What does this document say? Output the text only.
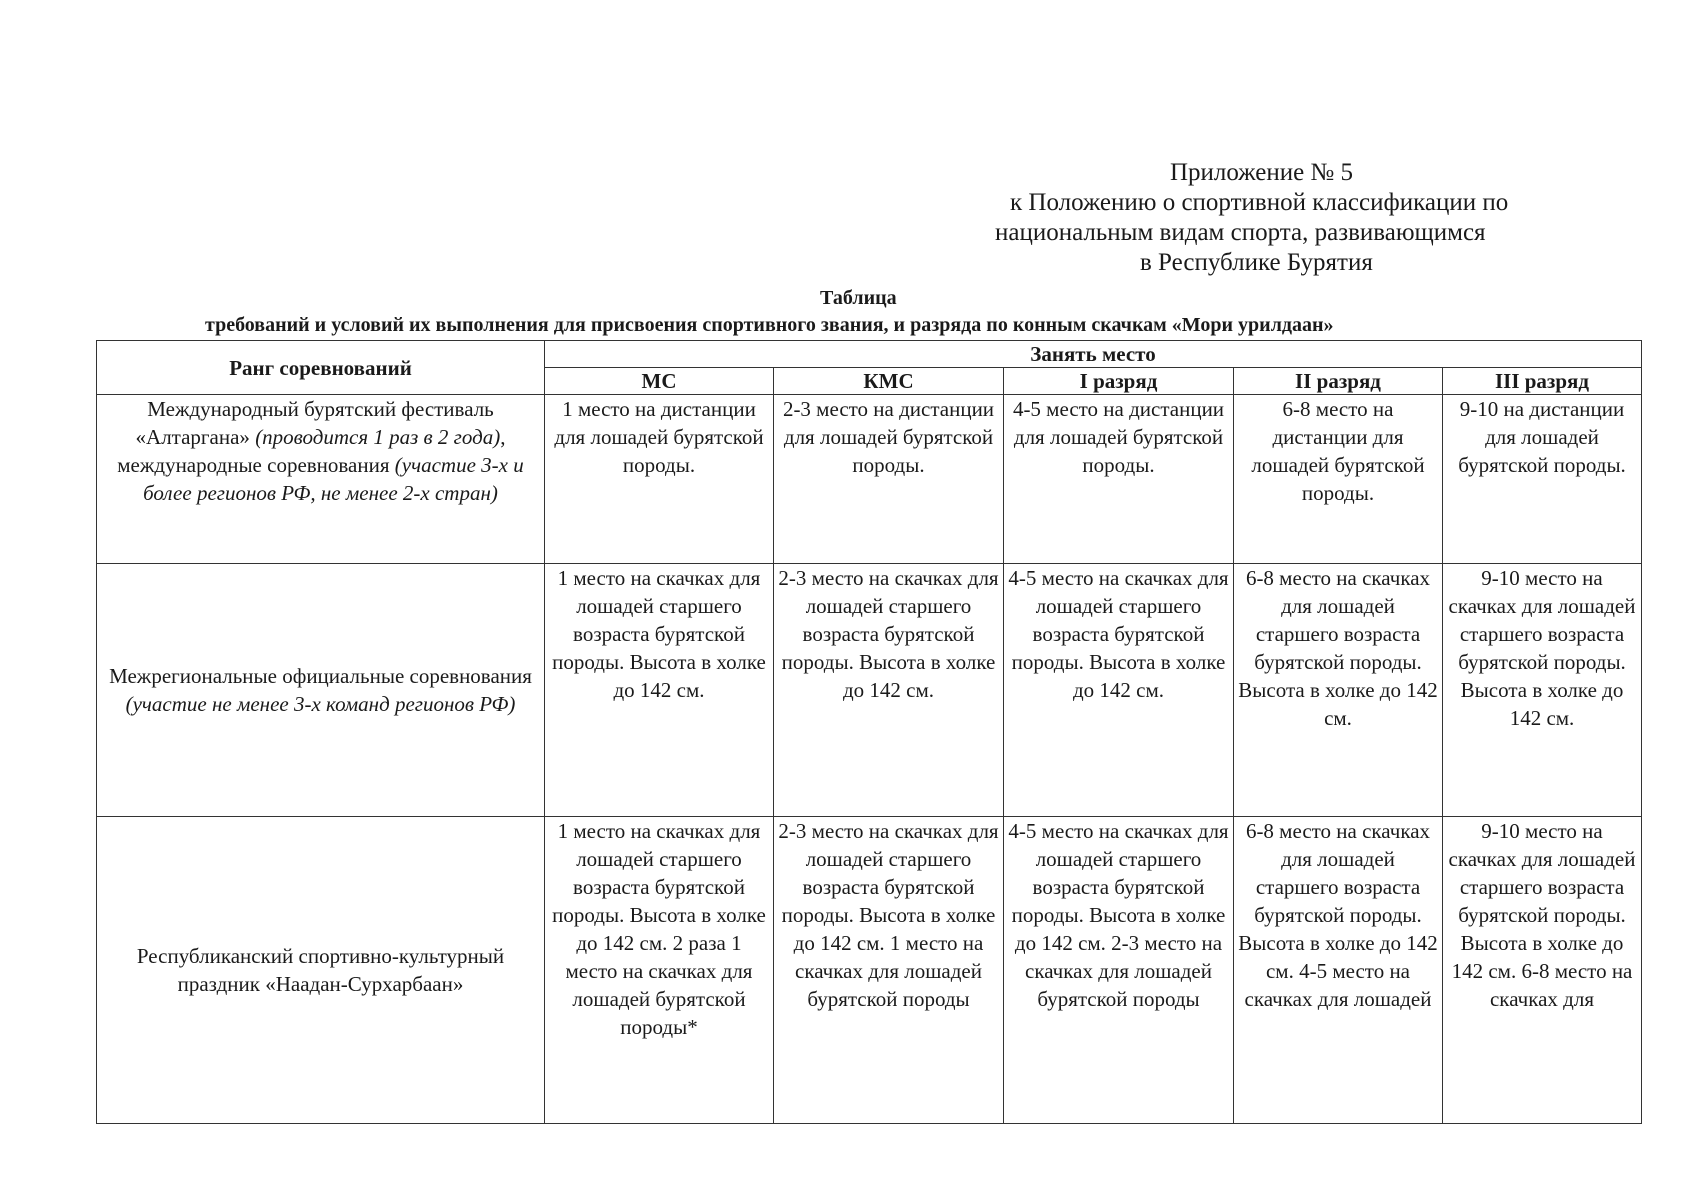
Приложение № 5
к Положению о спортивной классификации по
национальным видам спорта, развивающимся
в Республике Бурятия
Таблица
требований и условий их выполнения для присвоения спортивного звания, и разряда по конным скачкам «Мори урилдаан»
Ранг соревнований	Занять место				
	МС	КМС	I разряд	II разряд	III разряд
Международный бурятский фестиваль «Алтаргана» (проводится 1 раз в 2 года), международные соревнования (участие 3-х и более регионов РФ, не менее 2-х стран)	1 место на дистанции для лошадей бурятской породы.	2-3 место на дистанции для лошадей бурятской породы.	4-5 место на дистанции для лошадей бурятской породы.	6-8 место на дистанции для лошадей бурятской породы.	9-10 на дистанции для лошадей бурятской породы.
Межрегиональные официальные соревнования (участие не менее 3-х команд регионов РФ)	1 место на скачках для лошадей старшего возраста бурятской породы. Высота в холке до 142 см.	2-3 место на скачках для лошадей старшего возраста бурятской породы. Высота в холке до 142 см.	4-5 место на скачках для лошадей старшего возраста бурятской породы. Высота в холке до 142 см.	6-8 место на скачках для лошадей старшего возраста бурятской породы. Высота в холке до 142 см.	9-10 место на скачках для лошадей старшего возраста бурятской породы. Высота в холке до 142 см.
Республиканский спортивно-культурный праздник «Наадан-Сурхарбаан»	1 место на скачках для лошадей старшего возраста бурятской породы. Высота в холке до 142 см. 2 раза 1 место на скачках для лошадей бурятской породы*	2-3 место на скачках для лошадей старшего возраста бурятской породы. Высота в холке до 142 см. 1 место на скачках для лошадей бурятской породы	4-5 место на скачках для лошадей старшего возраста бурятской породы. Высота в холке до 142 см. 2-3 место на скачках для лошадей бурятской породы	6-8 место на скачках для лошадей старшего возраста бурятской породы. Высота в холке до 142 см. 4-5 место на скачках для лошадей	9-10 место на скачках для лошадей старшего возраста бурятской породы. Высота в холке до 142 см. 6-8 место на скачках для
